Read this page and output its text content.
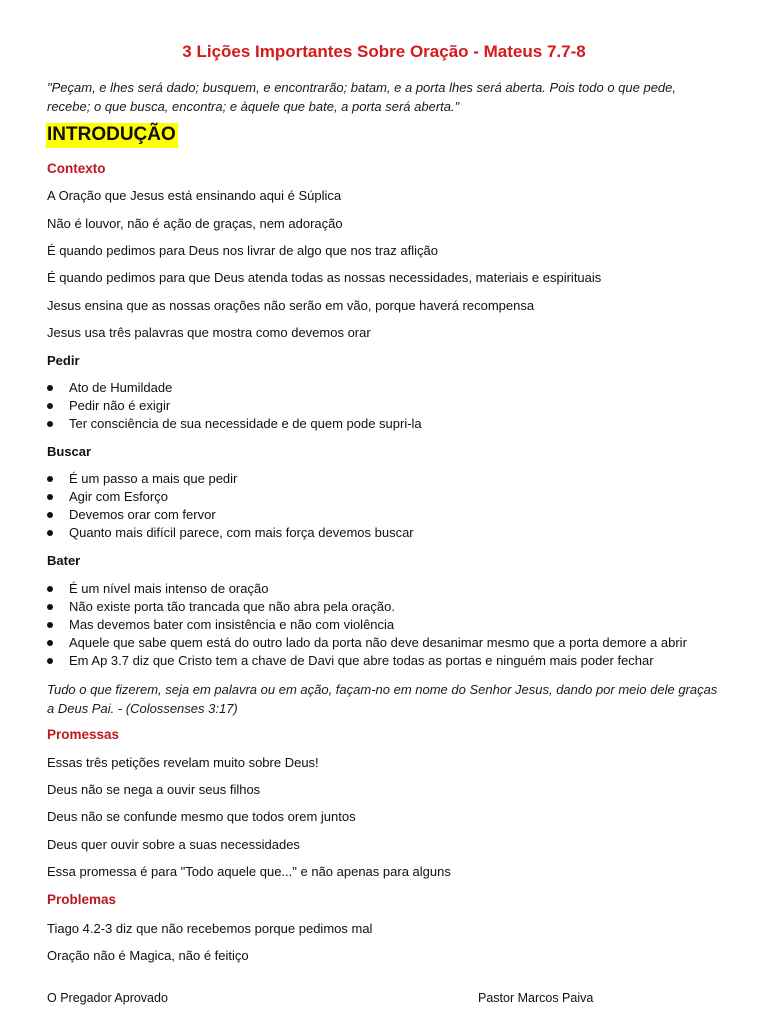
3 Lições Importantes Sobre Oração - Mateus 7.7-8
"Peçam, e lhes será dado; busquem, e encontrarão; batam, e a porta lhes será aberta. Pois todo o que pede, recebe; o que busca, encontra; e àquele que bate, a porta será aberta."
INTRODUÇÃO
Contexto
A Oração que Jesus está ensinando aqui é Súplica
Não é louvor, não é ação de graças, nem adoração
É quando pedimos para Deus nos livrar de algo que nos traz aflição
É quando pedimos para que Deus atenda todas as nossas necessidades, materiais e espirituais
Jesus ensina que as nossas orações não serão em vão, porque haverá recompensa
Jesus usa três palavras que mostra como devemos orar
Pedir
Ato de Humildade
Pedir não é exigir
Ter consciência de sua necessidade e de quem pode supri-la
Buscar
É um passo a mais que pedir
Agir com Esforço
Devemos orar com fervor
Quanto mais difícil parece, com mais força devemos buscar
Bater
É um nível mais intenso de oração
Não existe porta tão trancada que não abra pela oração.
Mas devemos bater com insistência e não com violência
Aquele que sabe quem está do outro lado da porta não deve desanimar mesmo que a porta demore a abrir
Em Ap 3.7 diz que Cristo tem a chave de Davi que abre todas as portas e ninguém mais poder fechar
Tudo o que fizerem, seja em palavra ou em ação, façam-no em nome do Senhor Jesus, dando por meio dele graças a Deus Pai. - (Colossenses 3:17)
Promessas
Essas três petições revelam muito sobre Deus!
Deus não se nega a ouvir seus filhos
Deus não se confunde mesmo que todos orem juntos
Deus quer ouvir sobre a suas necessidades
Essa promessa é para "Todo aquele que..." e não apenas para alguns
Problemas
Tiago 4.2-3 diz que não recebemos porque pedimos mal
Oração não é Magica, não é feitiço
O Pregador Aprovado	Pastor Marcos Paiva
